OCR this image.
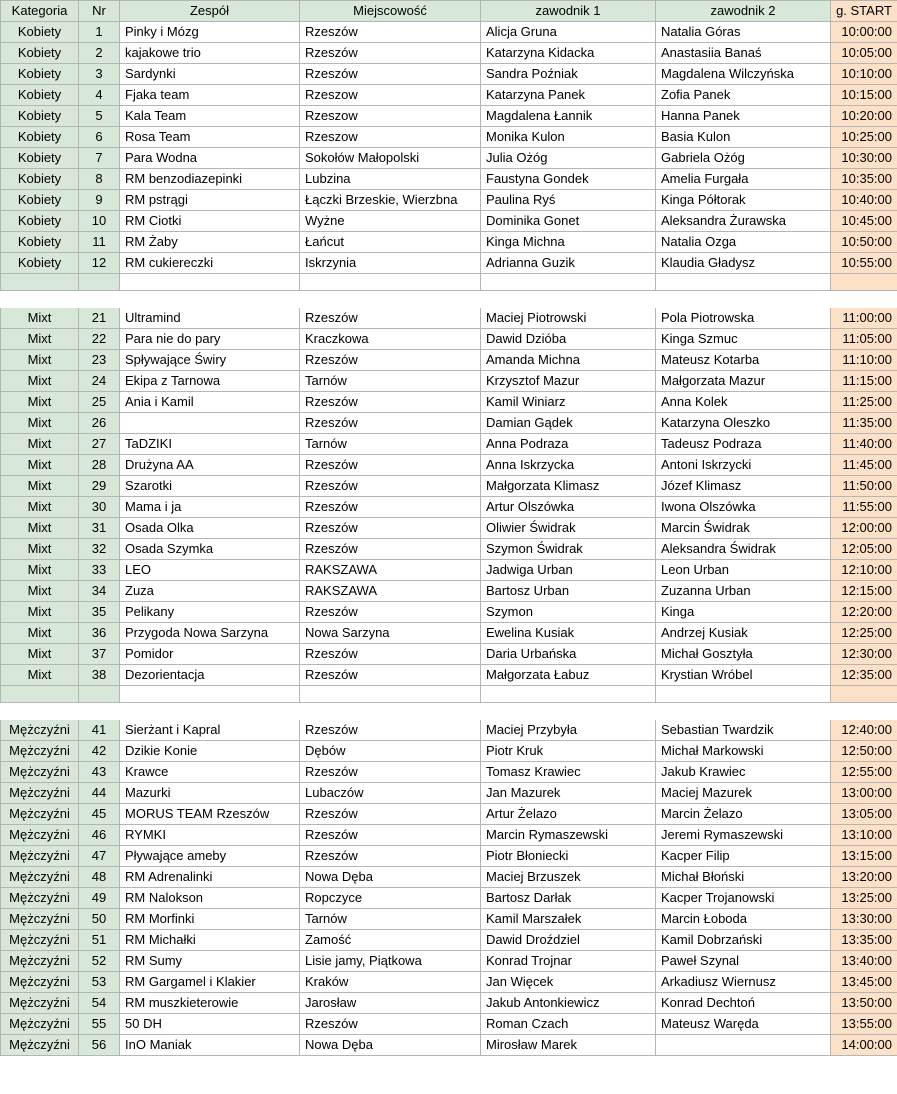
Kategoria	Nr	Zespół	Miejscowość	zawodnik 1	zawodnik 2	g. START
Kobiety	1	Pinky i Mózg	Rzeszów	Alicja Gruna	Natalia Góras	10:00:00
Kobiety	2	kajakowe trio	Rzeszów	Katarzyna Kidacka	Anastasiia Banaś	10:05:00
Kobiety	3	Sardynki	Rzeszów	Sandra Poźniak	Magdalena Wilczyńska	10:10:00
Kobiety	4	Fjaka team	Rzeszow	Katarzyna Panek	Zofia Panek	10:15:00
Kobiety	5	Kala Team	Rzeszow	Magdalena Łannik	Hanna Panek	10:20:00
Kobiety	6	Rosa Team	Rzeszow	Monika Kulon	Basia Kulon	10:25:00
Kobiety	7	Para Wodna	Sokołów Małopolski	Julia Ożóg	Gabriela Ożóg	10:30:00
Kobiety	8	RM benzodiazepinki	Lubzina	Faustyna Gondek	Amelia Furgała	10:35:00
Kobiety	9	RM pstrągi	Łączki Brzeskie, Wierzbna	Paulina Ryś	Kinga Półtorak	10:40:00
Kobiety	10	RM Ciotki	Wyżne	Dominika Gonet	Aleksandra Żurawska	10:45:00
Kobiety	11	RM Żaby	Łańcut	Kinga Michna	Natalia Ozga	10:50:00
Kobiety	12	RM cukiereczki	Iskrzynia	Adrianna Guzik	Klaudia Gładysz	10:55:00

Mixt	21	Ultramind	Rzeszów	Maciej Piotrowski	Pola Piotrowska	11:00:00
Mixt	22	Para nie do pary	Kraczkowa	Dawid Dzióba	Kinga Szmuc	11:05:00
Mixt	23	Spływające Świry	Rzeszów	Amanda Michna	Mateusz Kotarba	11:10:00
Mixt	24	Ekipa z Tarnowa	Tarnów	Krzysztof Mazur	Małgorzata Mazur	11:15:00
Mixt	25	Ania i Kamil	Rzeszów	Kamil Winiarz	Anna Kolek	11:25:00
Mixt	26		Rzeszów	Damian Gądek	Katarzyna Oleszko	11:35:00
Mixt	27	TaDZIKI	Tarnów	Anna Podraza	Tadeusz Podraza	11:40:00
Mixt	28	Drużyna AA	Rzeszów	Anna Iskrzycka	Antoni Iskrzycki	11:45:00
Mixt	29	Szarotki	Rzeszów	Małgorzata Klimasz	Józef Klimasz	11:50:00
Mixt	30	Mama i ja	Rzeszów	Artur Olszówka	Iwona Olszówka	11:55:00
Mixt	31	Osada Olka	Rzeszów	Oliwier Świdrak	Marcin Świdrak	12:00:00
Mixt	32	Osada Szymka	Rzeszów	Szymon Świdrak	Aleksandra Świdrak	12:05:00
Mixt	33	LEO	RAKSZAWA	Jadwiga Urban	Leon Urban	12:10:00
Mixt	34	Zuza	RAKSZAWA	Bartosz Urban	Zuzanna Urban	12:15:00
Mixt	35	Pelikany	Rzeszów	Szymon	Kinga	12:20:00
Mixt	36	Przygoda Nowa Sarzyna	Nowa Sarzyna	Ewelina Kusiak	Andrzej Kusiak	12:25:00
Mixt	37	Pomidor	Rzeszów	Daria Urbańska	Michał Gosztyła	12:30:00
Mixt	38	Dezorientacja	Rzeszów	Małgorzata Łabuz	Krystian Wróbel	12:35:00

Mężczyźni	41	Sierżant i Kapral	Rzeszów	Maciej Przybyła	Sebastian Twardzik	12:40:00
Mężczyźni	42	Dzikie Konie	Dębów	Piotr Kruk	Michał Markowski	12:50:00
Mężczyźni	43	Krawce	Rzeszów	Tomasz Krawiec	Jakub Krawiec	12:55:00
Mężczyźni	44	Mazurki	Lubaczów	Jan Mazurek	Maciej Mazurek	13:00:00
Mężczyźni	45	MORUS TEAM Rzeszów	Rzeszów	Artur Żelazo	Marcin Żelazo	13:05:00
Mężczyźni	46	RYMKI	Rzeszów	Marcin Rymaszewski	Jeremi Rymaszewski	13:10:00
Mężczyźni	47	Pływające ameby	Rzeszów	Piotr Błoniecki	Kacper Filip	13:15:00
Mężczyźni	48	RM Adrenalinki	Nowa Dęba	Maciej Brzuszek	Michał Błoński	13:20:00
Mężczyźni	49	RM Nalokson	Ropczyce	Bartosz Darłak	Kacper Trojanowski	13:25:00
Mężczyźni	50	RM Morfinki	Tarnów	Kamil Marszałek	Marcin Łoboda	13:30:00
Mężczyźni	51	RM Michałki	Zamość	Dawid Droździel	Kamil Dobrzański	13:35:00
Mężczyźni	52	RM Sumy	Lisie jamy, Piątkowa	Konrad Trojnar	Paweł Szynal	13:40:00
Mężczyźni	53	RM Gargamel i Klakier	Kraków	Jan Więcek	Arkadiusz Wiernusz	13:45:00
Mężczyźni	54	RM muszkieterowie	Jarosław	Jakub Antonkiewicz	Konrad Dechtoń	13:50:00
Mężczyźni	55	50 DH	Rzeszów	Roman Czach	Mateusz Waręda	13:55:00
Mężczyźni	56	InO Maniak	Nowa Dęba	Mirosław Marek		14:00:00
